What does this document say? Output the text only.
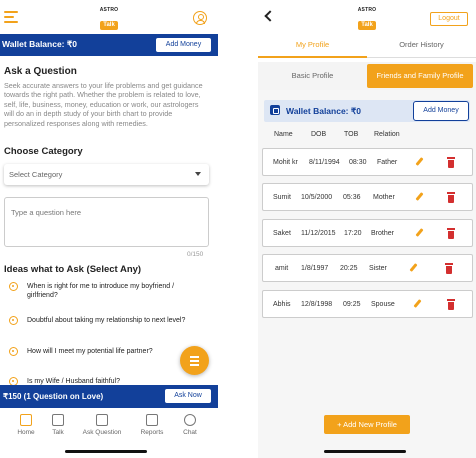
ASTRO
Talk
Wallet Balance: ₹0	Add Money
Ask a Question
Seek accurate answers to your life problems and get guidance towards the right path. Whether the problem is related to love, self, life, business, money, education or work, our astrologers will do an in depth study of your birth chart to provide personalized responses along with remedies.
Choose Category
Select Category
Type a question here
0/150
Ideas what to Ask (Select Any)
When is right for me to introduce my boyfriend / girlfriend?
Doubtful about taking my relationship to next level?
How will I meet my potential life partner?
Is my Wife / Husband faithful?
₹150 (1 Question on Love)	Ask Now
Home	Talk	Ask Question	Reports	Chat
ASTRO
Talk
Logout
My Profile	Order History
Basic Profile	Friends and Family Profile
Wallet Balance: ₹0	Add Money
Name	DOB	TOB Relation
Mohit kr 8/11/1994 08:30 Father
Sumit 10/5/2000 05:36 Mother
Saket 11/12/2015 17:20 Brother
amit 1/8/1997 20:25 Sister
Abhis 12/8/1998 09:25 Spouse
+ Add New Profile
